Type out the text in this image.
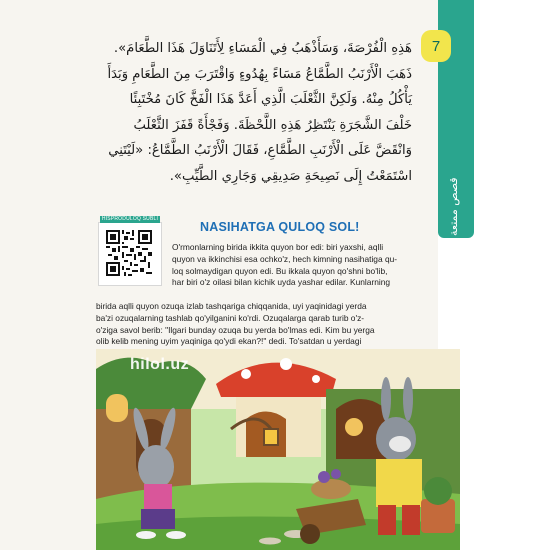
7
قصص ممتعة

هَذِهِ الْفُرْصَةَ، وَسَأَذْهَبُ فِي الْمَسَاءِ لِأَتَنَاوَلَ هَذَا الطَّعَامَ».

ذَهَبَ الْأَرْنَبُ الطَّمَّاعُ مَسَاءً بِهُدُوءٍ وَاقْتَرَبَ مِنَ الطَّعَامِ وَبَدَأَ

يَأْكُلُ مِنْهُ. وَلَكِنَّ الثَّعْلَبَ الَّذِي أَعَدَّ هَذَا الْفَخَّ كَانَ مُخْتَبِئًا

خَلْفَ الشَّجَرَةِ يَنْتَظِرُ هَذِهِ اللَّحْظَةَ. وَفَجْأَةً قَفَزَ الثَّعْلَبُ

وَانْقَضَّ عَلَى الْأَرْنَبِ الطَّمَّاعِ، فَقَالَ الْأَرْنَبُ الطَّمَّاعُ: «لَيْتَنِي

اسْتَمَعْتُ إِلَى نَصِيحَةِ صَدِيقِي وَجَارِي الطَّيِّبِ».

HISPRODULOQ SUBLI
NASIHATGA QULOQ SOL!

O'rmonlarning birida ikkita quyon bor edi: biri yaxshi, aqlli

quyon va ikkinchisi esa ochko'z, hech kimning nasihatiga qu-

loq solmaydigan quyon edi. Bu ikkala quyon qo'shni bo'lib,

har biri o'z oilasi bilan kichik uyda yashar edilar. Kunlarning

birida aqlli quyon ozuqa izlab tashqariga chiqqanida, uyi yaqinidagi yerda

ba'zi ozuqalarning tashlab qo'yilganini ko'rdi. Ozuqalarga qarab turib o'z-

o'ziga savol berib: "Ilgari bunday ozuqa bu yerda bo'lmas edi. Kim bu yerga

olib kelib mening uyim yaqiniga qo'ydi ekan?!" dedi. To'satdan u yerdagi

hilol.uz
